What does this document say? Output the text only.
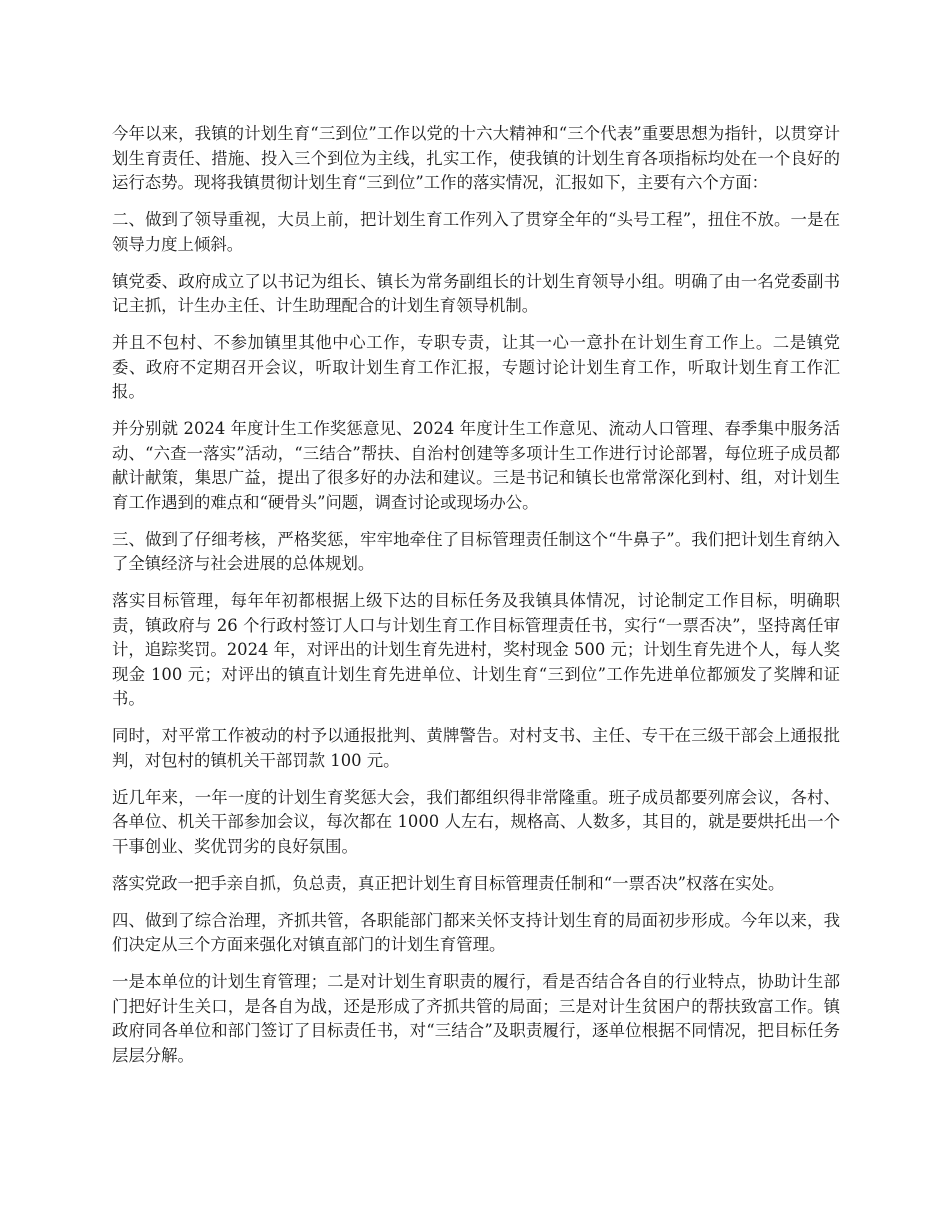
今年以来，我镇的计划生育“三到位”工作以党的十六大精神和“三个代表”重要思想为指针，以贯穿计划生育责任、措施、投入三个到位为主线，扎实工作，使我镇的计划生育各项指标均处在一个良好的运行态势。现将我镇贯彻计划生育“三到位”工作的落实情况，汇报如下，主要有六个方面：

二、做到了领导重视，大员上前，把计划生育工作列入了贯穿全年的“头号工程”，扭住不放。一是在领导力度上倾斜。

镇党委、政府成立了以书记为组长、镇长为常务副组长的计划生育领导小组。明确了由一名党委副书记主抓，计生办主任、计生助理配合的计划生育领导机制。

并且不包村、不参加镇里其他中心工作，专职专责，让其一心一意扑在计划生育工作上。二是镇党委、政府不定期召开会议，听取计划生育工作汇报，专题讨论计划生育工作，听取计划生育工作汇报。

并分别就 2024 年度计生工作奖惩意见、2024 年度计生工作意见、流动人口管理、春季集中服务活动、“六查一落实”活动，“三结合”帮扶、自治村创建等多项计生工作进行讨论部署，每位班子成员都献计献策，集思广益，提出了很多好的办法和建议。三是书记和镇长也常常深化到村、组，对计划生育工作遇到的难点和“硬骨头”问题，调查讨论或现场办公。

三、做到了仔细考核，严格奖惩，牢牢地牵住了目标管理责任制这个“牛鼻子”。我们把计划生育纳入了全镇经济与社会进展的总体规划。

落实目标管理，每年年初都根据上级下达的目标任务及我镇具体情况，讨论制定工作目标，明确职责，镇政府与 26 个行政村签订人口与计划生育工作目标管理责任书，实行“一票否决”，坚持离任审计，追踪奖罚。2024 年，对评出的计划生育先进村，奖村现金 500 元；计划生育先进个人，每人奖现金 100 元；对评出的镇直计划生育先进单位、计划生育“三到位”工作先进单位都颁发了奖牌和证书。

同时，对平常工作被动的村予以通报批判、黄牌警告。对村支书、主任、专干在三级干部会上通报批判，对包村的镇机关干部罚款 100 元。

近几年来，一年一度的计划生育奖惩大会，我们都组织得非常隆重。班子成员都要列席会议，各村、各单位、机关干部参加会议，每次都在 1000 人左右，规格高、人数多，其目的，就是要烘托出一个干事创业、奖优罚劣的良好氛围。

落实党政一把手亲自抓，负总责，真正把计划生育目标管理责任制和“一票否决”权落在实处。

四、做到了综合治理，齐抓共管，各职能部门都来关怀支持计划生育的局面初步形成。今年以来，我们决定从三个方面来强化对镇直部门的计划生育管理。

一是本单位的计划生育管理；二是对计划生育职责的履行，看是否结合各自的行业特点，协助计生部门把好计生关口，是各自为战，还是形成了齐抓共管的局面；三是对计生贫困户的帮扶致富工作。镇政府同各单位和部门签订了目标责任书，对“三结合”及职责履行，逐单位根据不同情况，把目标任务层层分解。
